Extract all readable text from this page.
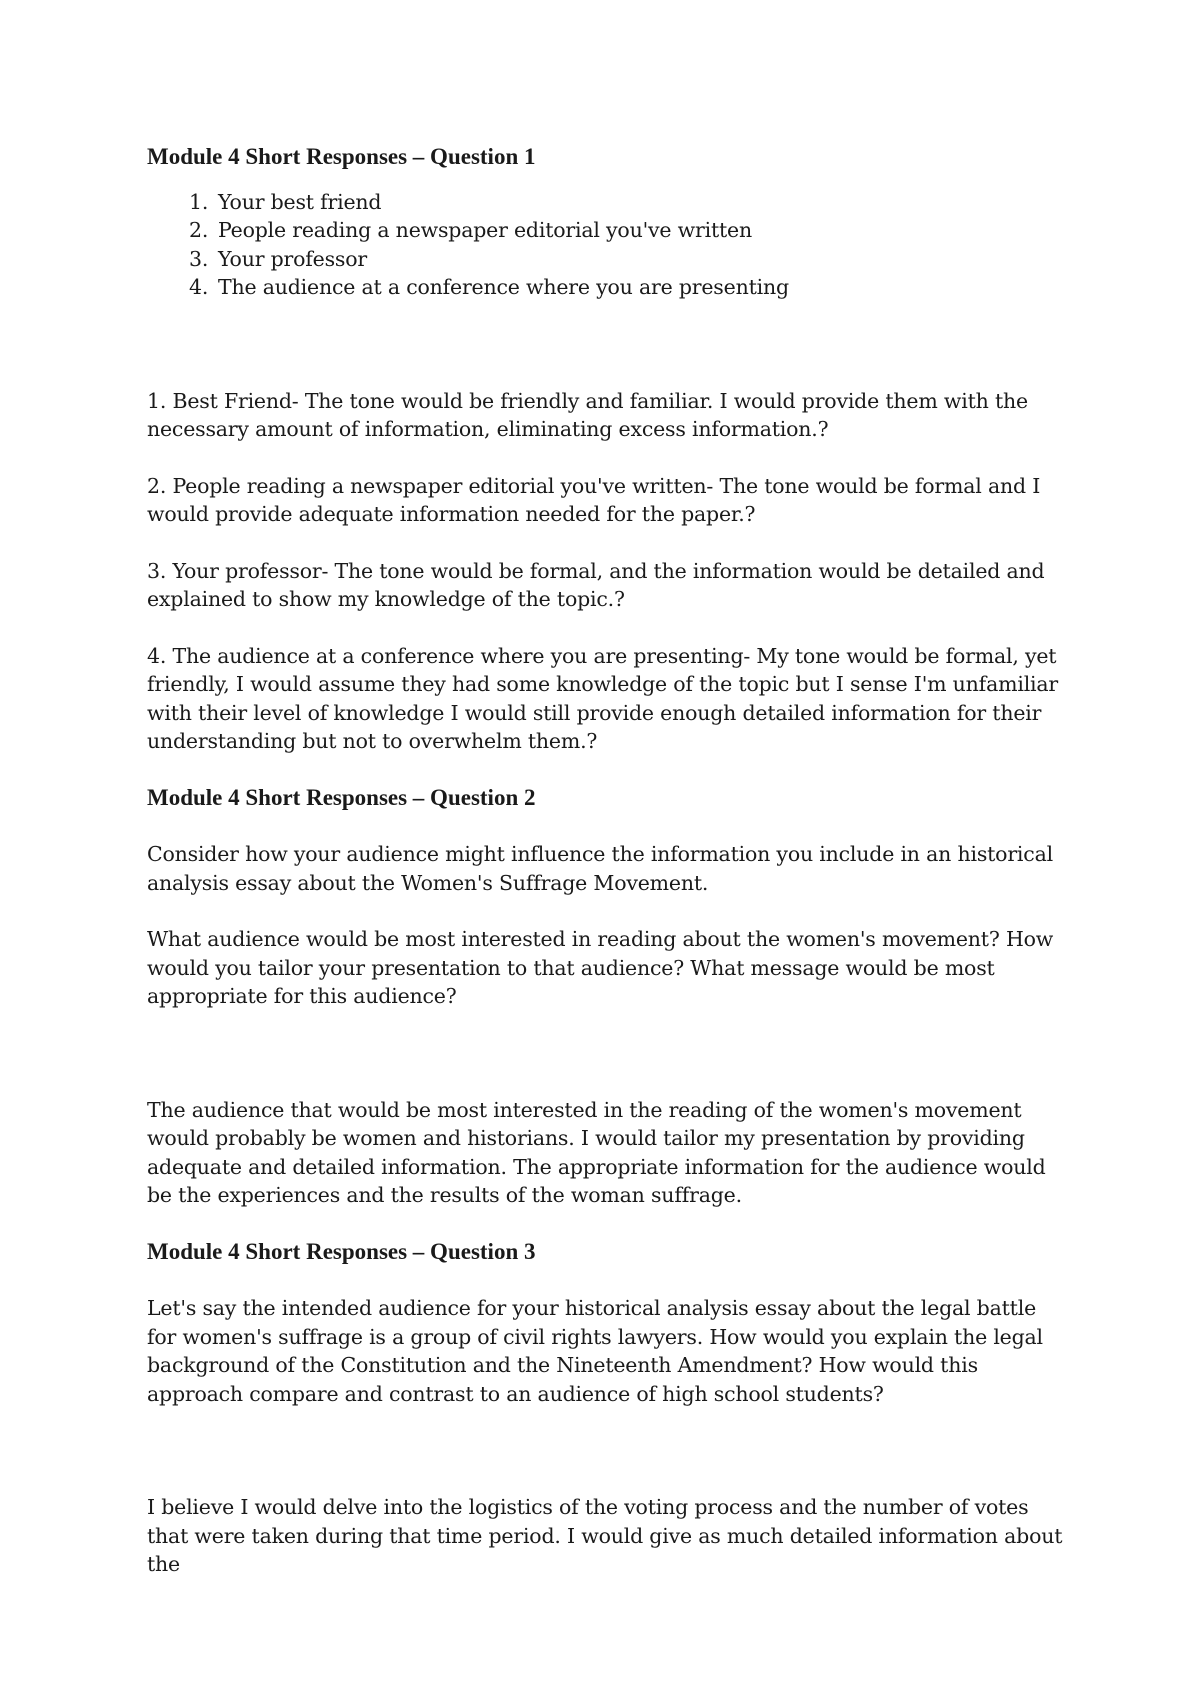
Module 4 Short Responses – Question 1

1. Your best friend
2. People reading a newspaper editorial you've written
3. Your professor
4. The audience at a conference where you are presenting

1. Best Friend- The tone would be friendly and familiar. I would provide them with the necessary amount of information, eliminating excess information.?

2. People reading a newspaper editorial you've written- The tone would be formal and I would provide adequate information needed for the paper.?

3. Your professor- The tone would be formal, and the information would be detailed and explained to show my knowledge of the topic.?

4. The audience at a conference where you are presenting- My tone would be formal, yet friendly, I would assume they had some knowledge of the topic but I sense I'm unfamiliar with their level of knowledge I would still provide enough detailed information for their understanding but not to overwhelm them.?

Module 4 Short Responses – Question 2

Consider how your audience might influence the information you include in an historical analysis essay about the Women's Suffrage Movement.

What audience would be most interested in reading about the women's movement? How would you tailor your presentation to that audience? What message would be most appropriate for this audience?

The audience that would be most interested in the reading of the women's movement would probably be women and historians. I would tailor my presentation by providing adequate and detailed information. The appropriate information for the audience would be the experiences and the results of the woman suffrage.

Module 4 Short Responses – Question 3

Let's say the intended audience for your historical analysis essay about the legal battle for women's suffrage is a group of civil rights lawyers. How would you explain the legal background of the Constitution and the Nineteenth Amendment? How would this approach compare and contrast to an audience of high school students?

I believe I would delve into the logistics of the voting process and the number of votes that were taken during that time period. I would give as much detailed information about the
